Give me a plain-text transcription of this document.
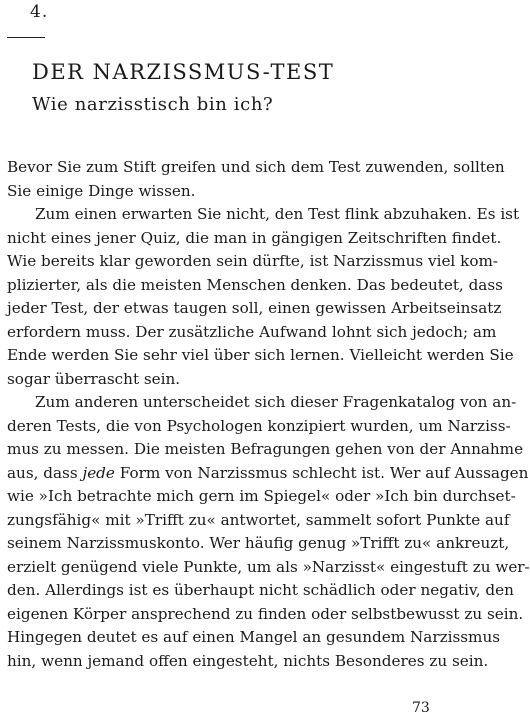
4.
DER NARZISSMUS-TEST
Wie narzisstisch bin ich?
Bevor Sie zum Stift greifen und sich dem Test zuwenden, sollten
Sie einige Dinge wissen.
Zum einen erwarten Sie nicht, den Test flink abzuhaken. Es ist
nicht eines jener Quiz, die man in gängigen Zeitschriften findet.
Wie bereits klar geworden sein dürfte, ist Narzissmus viel kom-
plizierter, als die meisten Menschen denken. Das bedeutet, dass
jeder Test, der etwas taugen soll, einen gewissen Arbeitseinsatz
erfordern muss. Der zusätzliche Aufwand lohnt sich jedoch; am
Ende werden Sie sehr viel über sich lernen. Vielleicht werden Sie
sogar überrascht sein.
Zum anderen unterscheidet sich dieser Fragenkatalog von an-
deren Tests, die von Psychologen konzipiert wurden, um Narziss-
mus zu messen. Die meisten Befragungen gehen von der Annahme
aus, dass jede Form von Narzissmus schlecht ist. Wer auf Aussagen
wie »Ich betrachte mich gern im Spiegel« oder »Ich bin durchset-
zungsfähig« mit »Trifft zu« antwortet, sammelt sofort Punkte auf
seinem Narzissmuskonto. Wer häufig genug »Trifft zu« ankreuzt,
erzielt genügend viele Punkte, um als »Narzisst« eingestuft zu wer-
den. Allerdings ist es überhaupt nicht schädlich oder negativ, den
eigenen Körper ansprechend zu finden oder selbstbewusst zu sein.
Hingegen deutet es auf einen Mangel an gesundem Narzissmus
hin, wenn jemand offen eingesteht, nichts Besonderes zu sein.
73
